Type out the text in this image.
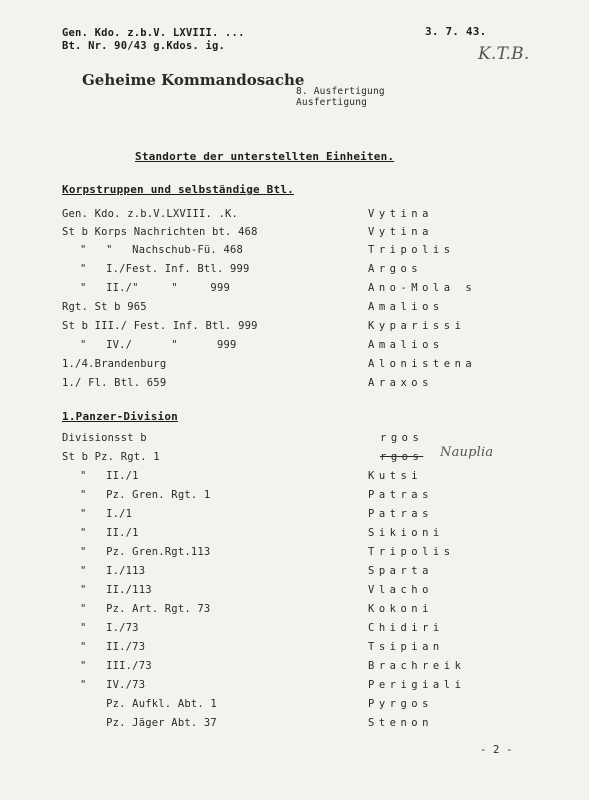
Gen. Kdo. z.b.V. LXVIII. ...
Bt. Nr. 90/43 g.Kdos. ig.
3. 7. 43.
K.T.B.
Geheime Kommandosache
8. Ausfertigung
Ausfertigung
Standorte der unterstellten Einheiten.
Korpstruppen und selbständige Btl.
Gen. Kdo. z.b.V.LXVIII. .K.	Vytina
St b Korps Nachrichten bt. 468	Vytina
"   "   Nachschub-Fü. 468	Tripolis
"   I./Fest. Inf. Btl. 999	Argos
"   II./"     "     999	Ano-Mola s
Rgt. St b 965	Amalios
St b III./ Fest. Inf. Btl. 999	Kyparissi
"   IV./      "      999	Amalios
1./4.Brandenburg	Alonistena
1./ Fl. Btl. 659	Araxos
1.Panzer-Division
Divisionsst b	rgos
St b Pz. Rgt. 1	rgos Nauplia
"   II./1	Kutsi
"   Pz. Gren. Rgt. 1	Patras
"   I./1	Patras
"   II./1	Sikioni
"   Pz. Gren.Rgt.113	Tripolis
"   I./113	Sparta
"   II./113	Vlacho
"   Pz. Art. Rgt. 73	Kokoni
"   I./73	Chidiri
"   II./73	Tsipian
"   III./73	Brachreik
"   IV./73	Perigiali
Pz. Aufkl. Abt. 1	Pyrgos
Pz. Jäger Abt. 37	Stenon
- 2 -
